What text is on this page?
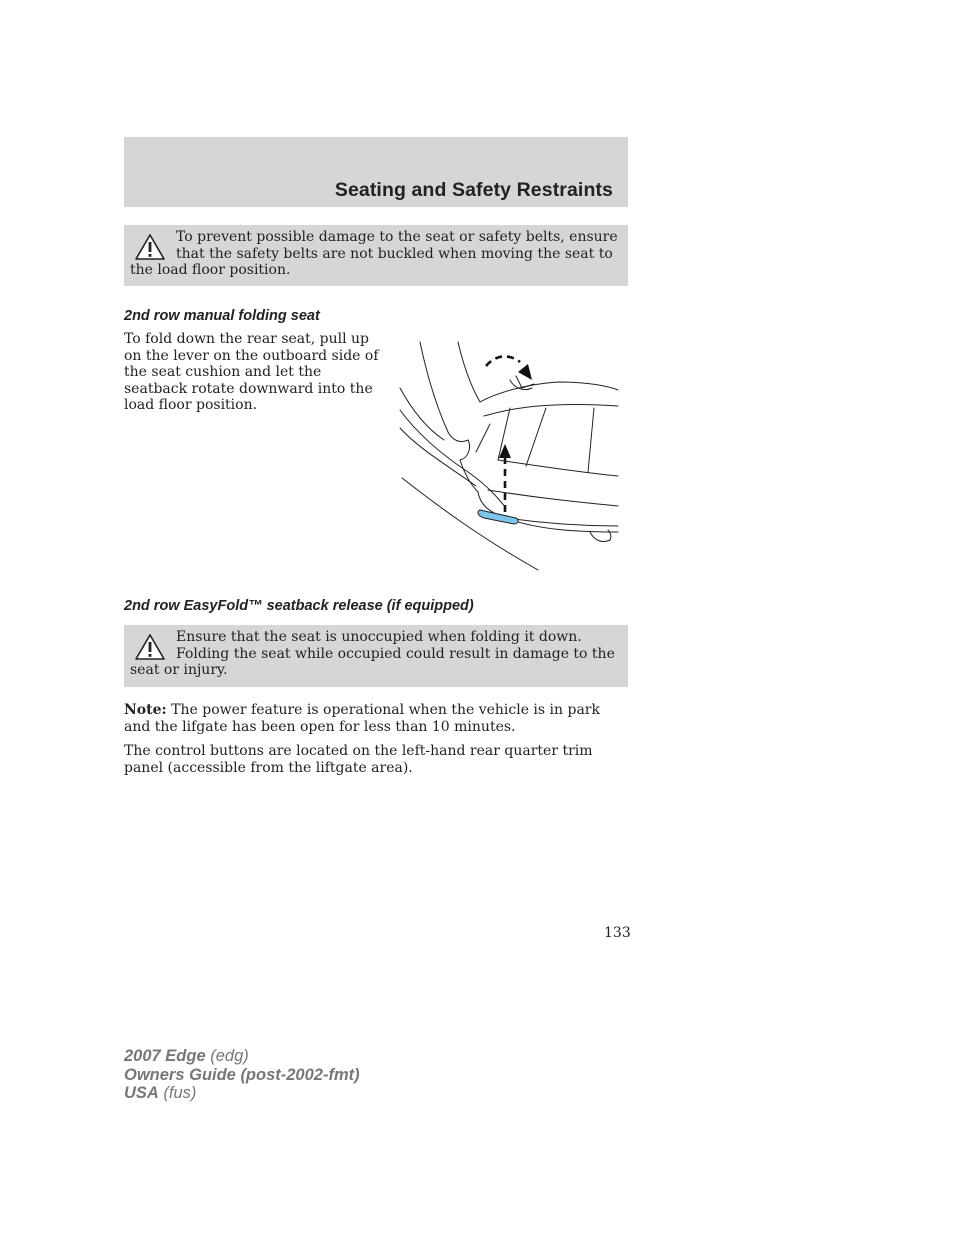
Seating and Safety Restraints
To prevent possible damage to the seat or safety belts, ensure that the safety belts are not buckled when moving the seat to the load floor position.
2nd row manual folding seat
To fold down the rear seat, pull up on the lever on the outboard side of the seat cushion and let the seatback rotate downward into the load floor position.
2nd row EasyFold™ seatback release (if equipped)
Ensure that the seat is unoccupied when folding it down. Folding the seat while occupied could result in damage to the seat or injury.
Note: The power feature is operational when the vehicle is in park and the lifgate has been open for less than 10 minutes.
The control buttons are located on the left-hand rear quarter trim panel (accessible from the liftgate area).
133
2007 Edge (edg)
Owners Guide (post-2002-fmt)
USA (fus)
